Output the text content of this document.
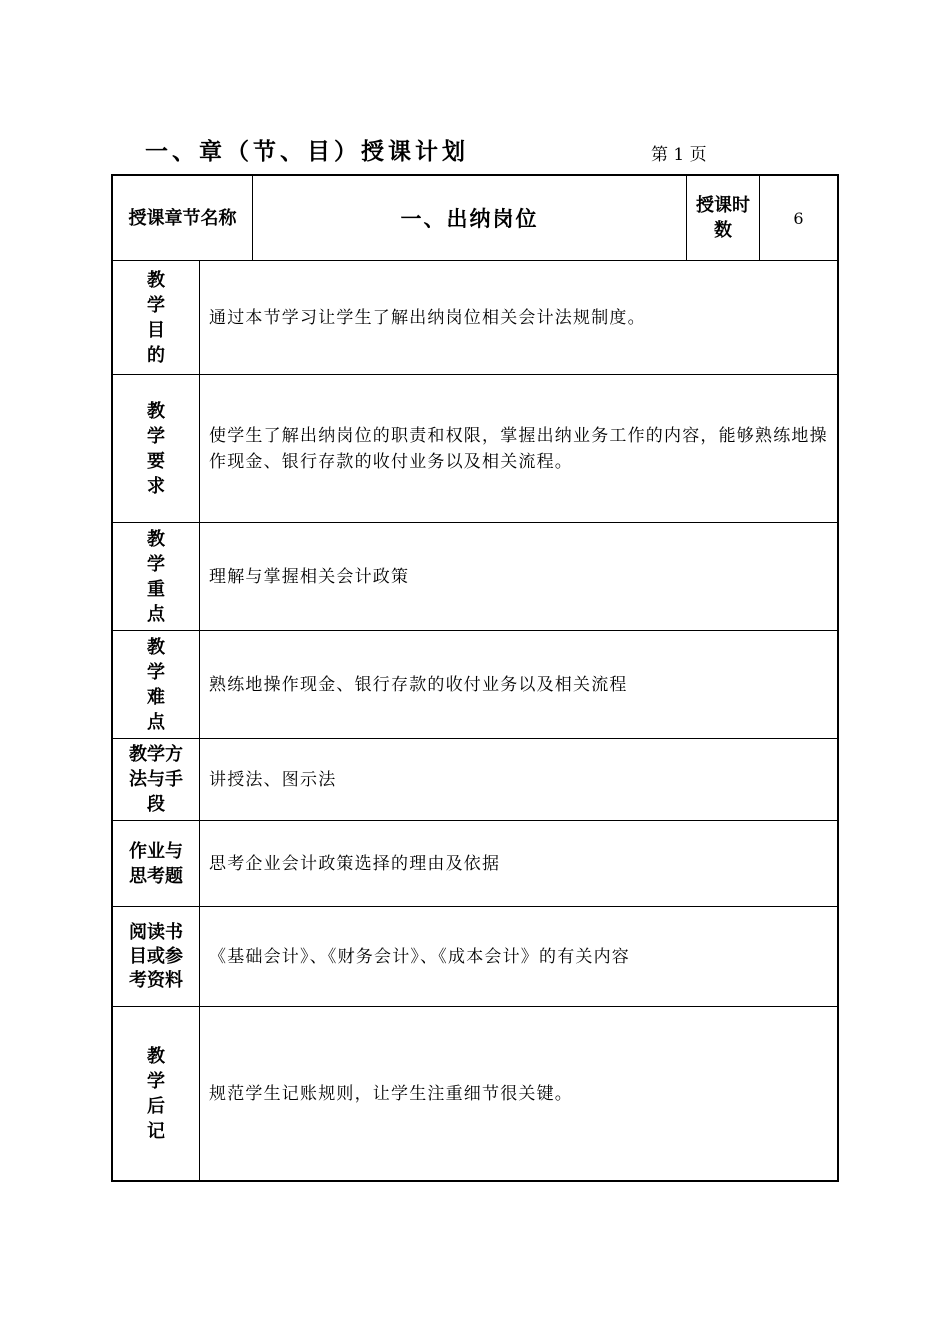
一、章（节、目）授课计划	第 1 页
授课章节名称	一、出纳岗位
授课时数
6
教学目的
通过本节学习让学生了解出纳岗位相关会计法规制度。
教学要求
使学生了解出纳岗位的职责和权限，掌握出纳业务工作的内容，能够熟练地操作现金、银行存款的收付业务以及相关流程。
教学重点
理解与掌握相关会计政策
教学难点
熟练地操作现金、银行存款的收付业务以及相关流程
教学方法与手段
讲授法、图示法
作业与思考题
思考企业会计政策选择的理由及依据
阅读书目或参考资料
《基础会计》、《财务会计》、《成本会计》的有关内容
教学后记
规范学生记账规则，让学生注重细节很关键。
